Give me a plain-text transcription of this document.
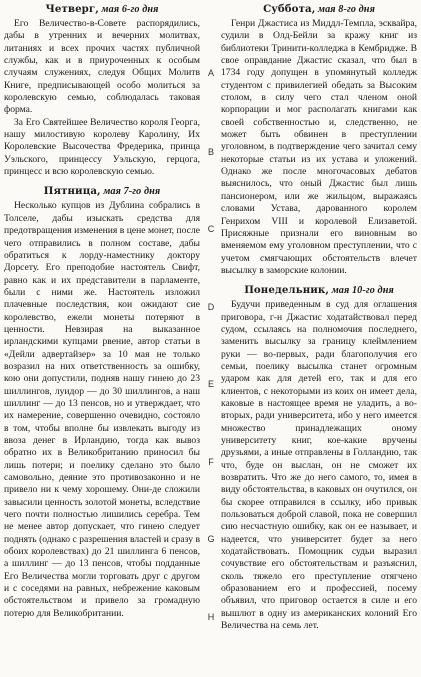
Четверг, мая 6-го дня

Его Величество-в-Совете распорядились, дабы в утренних и вечерних молитвах, литаниях и всех прочих частях публичной службы, как и в приуроченных к особым случаям служениях, следуя Общих Молитв Книге, предписывающей особо молиться за королевскую семью, соблюдалась таковая форма.

За Его Святейшее Величество короля Георга, нашу милостивую королеву Каролину, Их Королевские Высочества Фредерика, принца Уэльского, принцессу Уэльскую, герцога, принцесс и всю королевскую семью.

Пятница, мая 7-го дня

Несколько купцов из Дублина собрались в Толселе, дабы изыскать средства для предотвращения изменения в цене монет, после чего отправились в полном составе, дабы обратиться к лорду-наместнику доктору Дорсету. Его преподобие настоятель Свифт, равно как и их представители в парламенте, были с ними же. Настоятель изложил плачевные последствия, кои ожидают сие королевство, ежели монеты потеряют в ценности. Невзирая на выказанное ирландскими купцами рвение, автор статьи в «Дейли адвертайзер» за 10 мая не только возразил на них ответственность за ошибку, кою они допустили, подняв нашу гинею до 23 шиллингов, луидор — до 30 шиллингов, а наш шиллинг — до 13 пенсов, но и утверждает, что их намерение, совершенно очевидно, состояло в том, чтобы вполне бы извлекать выгоду из ввоза денег в Ирландию, тогда как вывоз обратно их в Великобританию приносил бы лишь потери; и поелику сделано это было самовольно, деяние это противозаконно и не привело ни к чему хорошему. Они-де сложили завысили ценность золотой монеты, вследствие чего почти полностью лишились серебра. Тем не менее автор допускает, что гинею следует поднять (однако с разрешения властей и сразу в обоих королевствах) до 21 шиллинга 6 пенсов, а шиллинг — до 13 пенсов, чтобы подданные Его Величества могли торговать друг с другом и с соседями на равных, небрежение каковым обстоятельством и привело за громадную потерю для Великобритании.

A
B
C
D
E
F
G
H
Суббота, мая 8-го дня

Генри Джастиса из Миддл-Темпла, эсквайра, судили в Олд-Бейли за кражу книг из библиотеки Тринити-колледжа в Кембридже. В свое оправдание Джастис сказал, что был в 1734 году допущен в упомянутый колледж студентом с привилегией обедать за Высоким столом, в силу чего стал членом оной корпорации и мог располагать книгами как своей собственностью и, следственно, не может быть обвинен в преступлении уголовном, в подтверждение чего зачитал сему некоторые статьи из их устава и уложений. Однако же после многочасовых дебатов выяснилось, что оный Джастис был лишь пансионером, или же жильцом, выражаясь словами Устава, дарованного королем Генрихом VIII и королевой Елизаветой. Присяжные признали его виновным во вменяемом ему уголовном преступлении, что с учетом смягчающих обстоятельств влечет высылку в заморские колонии.

Понедельник, мая 10-го дня

Будучи приведенным в суд для оглашения приговора, г-н Джастис ходатайствовал перед судом, ссылаясь на полномочия последнего, заменить высылку за границу клеймлением руки — во-первых, ради благополучия его семьи, поелику высылка станет огромным ударом как для детей его, так и для его клиентов, с некоторыми из коих он имеет дела, каковые в настоящее время не уладить, а во-вторых, ради университета, ибо у него имеется множество принадлежащих оному университету книг, кое-какие вручены друзьями, а иные отправлены в Голландию, так что, буде он выслан, он не сможет их возвратить. Что же до него самого, то, имея в виду обстоятельства, в каковых он очутился, он бы скорее отправился в ссылку, ибо привык пользоваться доброй славой, пока не совершил сию несчастную ошибку, как он ее называет, и надеется, что университет будет за него ходатайствовать. Помощник судьи выразил сочувствие его обстоятельствам и разъяснил, сколь тяжело его преступление отягчено образованием его и профессией, посему объявил, что приговор остается в силе и его вышлют в одну из американских колоний Его Величества на семь лет.
